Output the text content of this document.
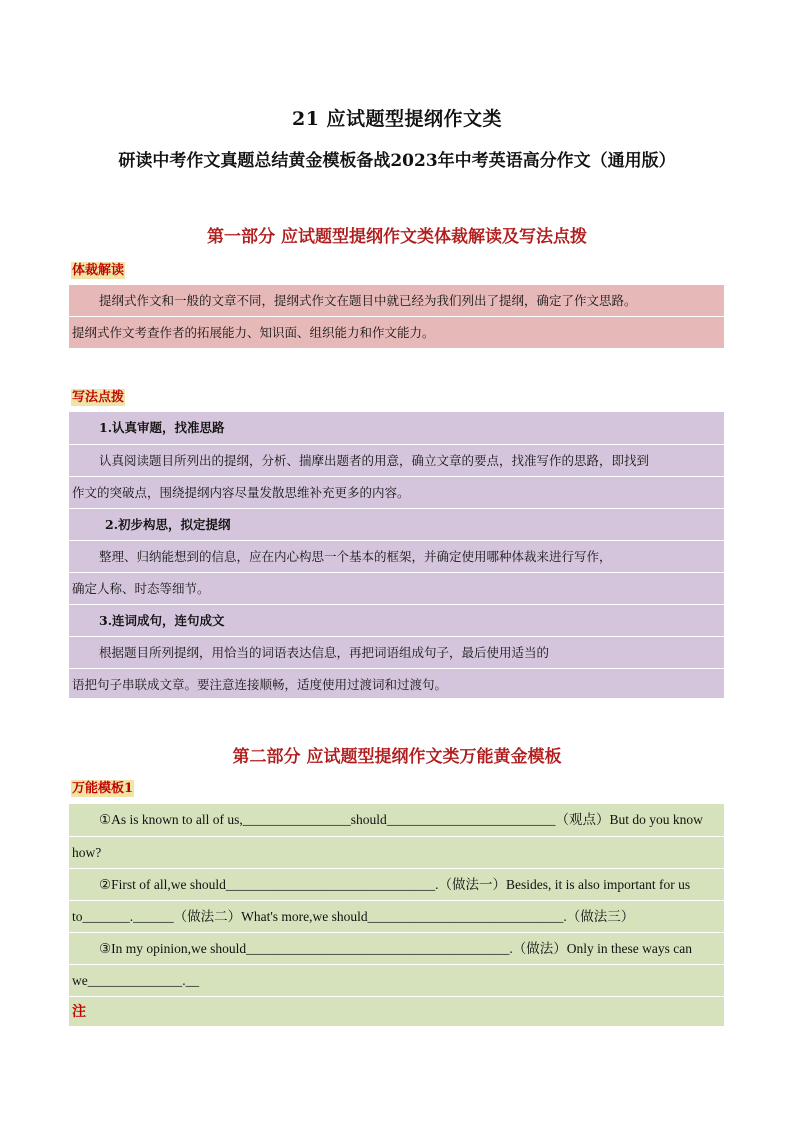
21 应试题型提纲作文类
研读中考作文真题总结黄金模板备战2023年中考英语高分作文（通用版）
第一部分 应试题型提纲作文类体裁解读及写法点拨
体裁解读
提纲式作文和一般的文章不同，提纲式作文在题目中就已经为我们列出了提纲，确定了作文思路。
提纲式作文考查作者的拓展能力、知识面、组织能力和作文能力。
写法点拨
1.认真审题，找准思路
认真阅读题目所列出的提纲，分析、揣摩出题者的用意，确立文章的要点，找准写作的思路，即找到
作文的突破点，围绕提纲内容尽量发散思维补充更多的内容。
2.初步构思，拟定提纲
整理、归纳能想到的信息，应在内心构思一个基本的框架，并确定使用哪种体裁来进行写作，
确定人称、时态等细节。
3.连词成句，连句成文
根据题目所列提纲，用恰当的词语表达信息，再把词语组成句子，最后使用适当的
语把句子串联成文章。要注意连接顺畅，适度使用过渡词和过渡句。
第二部分 应试题型提纲作文类万能黄金模板
万能模板1
①As is known to all of us,________________should_________________________（观点）But do you know
how?
②First of all,we should_______________________________.（做法一）Besides, it is also important for us
to_______.______（做法二）What's more,we should_____________________________.（做法三）
③In my opinion,we should_______________________________________.（做法）Only in these ways can
we______________.__
注
